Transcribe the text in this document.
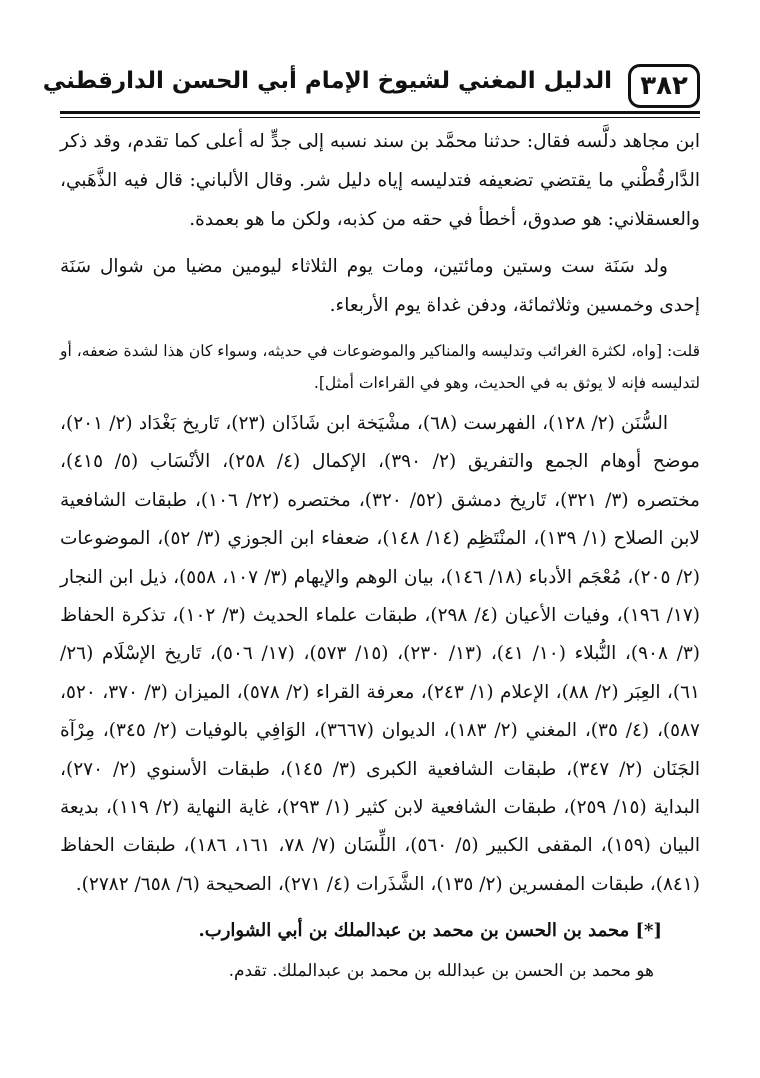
٣٨٢
الدليل المغني لشيوخ الإمام أبي الحسن الدارقطني

ابن مجاهد دلَّسه فقال: حدثنا محمَّد بن سند نسبه إلى جدٍّ له أعلى كما تقدم، وقد ذكر الدَّارقُطْني ما يقتضي تضعيفه فتدليسه إياه دليل شر. وقال الألباني: قال فيه الذَّهَبي، والعسقلاني: هو صدوق، أخطأ في حقه من كذبه، ولكن ما هو بعمدة.

ولد سَنَة ست وستين ومائتين، ومات يوم الثلاثاء ليومين مضيا من شوال سَنَة إحدى وخمسين وثلاثمائة، ودفن غداة يوم الأربعاء.

قلت: [واه، لكثرة الغرائب وتدليسه والمناكير والموضوعات في حديثه، وسواء كان هذا لشدة ضعفه، أو لتدليسه فإنه لا يوثق به في الحديث، وهو في القراءات أمثل].

السُّنَن (٢/ ١٢٨)، الفهرست (٦٨)، مشْيَخة ابن شَاذَان (٢٣)، تَاريخ بَغْدَاد (٢/ ٢٠١)، موضح أوهام الجمع والتفريق (٢/ ٣٩٠)، الإكمال (٤/ ٢٥٨)، الأنْسَاب (٥/ ٤١٥)، مختصره (٣/ ٣٢١)، تَاريخ دمشق (٥٢/ ٣٢٠)، مختصره (٢٢/ ١٠٦)، طبقات الشافعية لابن الصلاح (١/ ١٣٩)، المنْتَظِم (١٤/ ١٤٨)، ضعفاء ابن الجوزي (٣/ ٥٢)، الموضوعات (٢/ ٢٠٥)، مُعْجَم الأدباء (١٨/ ١٤٦)، بيان الوهم والإيهام (٣/ ١٠٧، ٥٥٨)، ذيل ابن النجار (١٧/ ١٩٦)، وفيات الأعيان (٤/ ٢٩٨)، طبقات علماء الحديث (٣/ ١٠٢)، تذكرة الحفاظ (٣/ ٩٠٨)، النُّبلاء (١٠/ ٤١)، (١٣/ ٢٣٠)، (١٥/ ٥٧٣)، (١٧/ ٥٠٦)، تَاريخ الإسْلَام (٢٦/ ٦١)، العِبَر (٢/ ٨٨)، الإعلام (١/ ٢٤٣)، معرفة القراء (٢/ ٥٧٨)، الميزان (٣/ ٣٧٠، ٥٢٠، ٥٨٧)، (٤/ ٣٥)، المغني (٢/ ١٨٣)، الديوان (٣٦٦٧)، الوَافِي بالوفيات (٢/ ٣٤٥)، مِرْآة الجَنَان (٢/ ٣٤٧)، طبقات الشافعية الكبرى (٣/ ١٤٥)، طبقات الأسنوي (٢/ ٢٧٠)، البداية (١٥/ ٢٥٩)، طبقات الشافعية لابن كثير (١/ ٢٩٣)، غاية النهاية (٢/ ١١٩)، بديعة البيان (١٥٩)، المقفى الكبير (٥/ ٥٦٠)، اللِّسَان (٧/ ٧٨، ١٦١، ١٨٦)، طبقات الحفاظ (٨٤١)، طبقات المفسرين (٢/ ١٣٥)، الشَّذَرات (٤/ ٢٧١)، الصحيحة (٦/ ٦٥٨/ ٢٧٨٢).

[*] محمد بن الحسن بن محمد بن عبدالملك بن أبي الشوارب.

هو محمد بن الحسن بن عبدالله بن محمد بن عبدالملك. تقدم.
